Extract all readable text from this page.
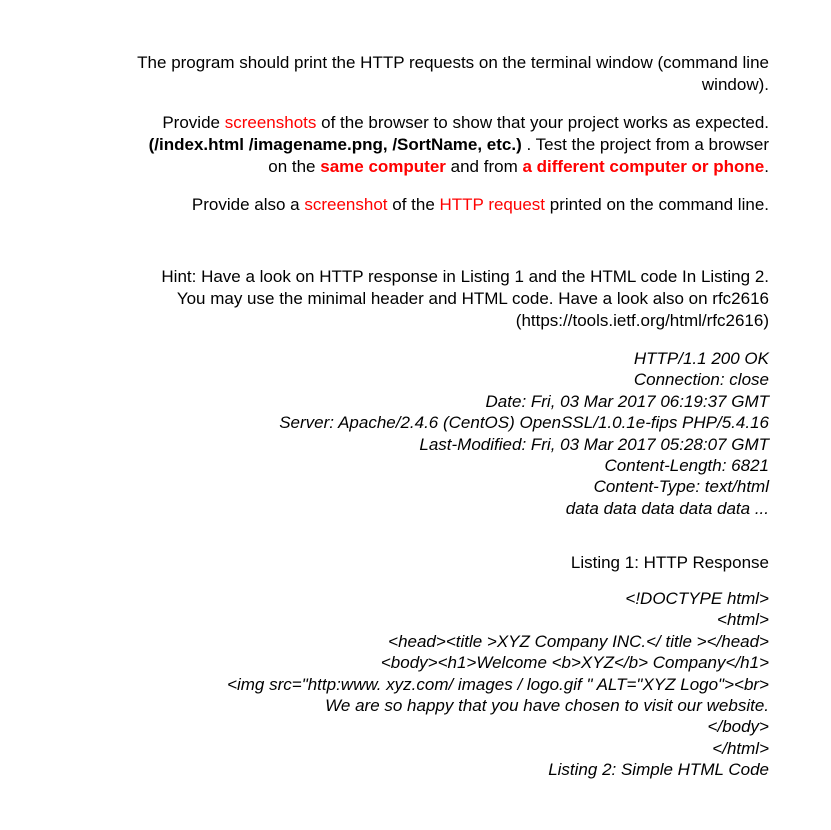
The program should print the HTTP requests on the terminal window (command line
window).
Provide screenshots of the browser to show that your project works as expected.
(/index.html /imagename.png, /SortName, etc.) . Test the project from a browser
on the same computer and from a different computer or phone.
Provide also a screenshot of the HTTP request printed on the command line.
Hint: Have a look on HTTP response in Listing 1 and the HTML code In Listing 2.
You may use the minimal header and HTML code. Have a look also on rfc2616
(https://tools.ietf.org/html/rfc2616)
HTTP/1.1 200 OK
Connection: close
Date: Fri, 03 Mar 2017 06:19:37 GMT
Server: Apache/2.4.6 (CentOS) OpenSSL/1.0.1e-fips PHP/5.4.16
Last-Modified: Fri, 03 Mar 2017 05:28:07 GMT
Content-Length: 6821
Content-Type: text/html
data data data data data ...
Listing 1: HTTP Response
<!DOCTYPE html>
<html>
<head><title >XYZ Company INC.</ title ></head>
<body><h1>Welcome <b>XYZ</b> Company</h1>
<img src="http:www. xyz.com/ images / logo.gif " ALT="XYZ Logo"><br>
We are so happy that you have chosen to visit our website.
</body>
</html>
Listing 2: Simple HTML Code
